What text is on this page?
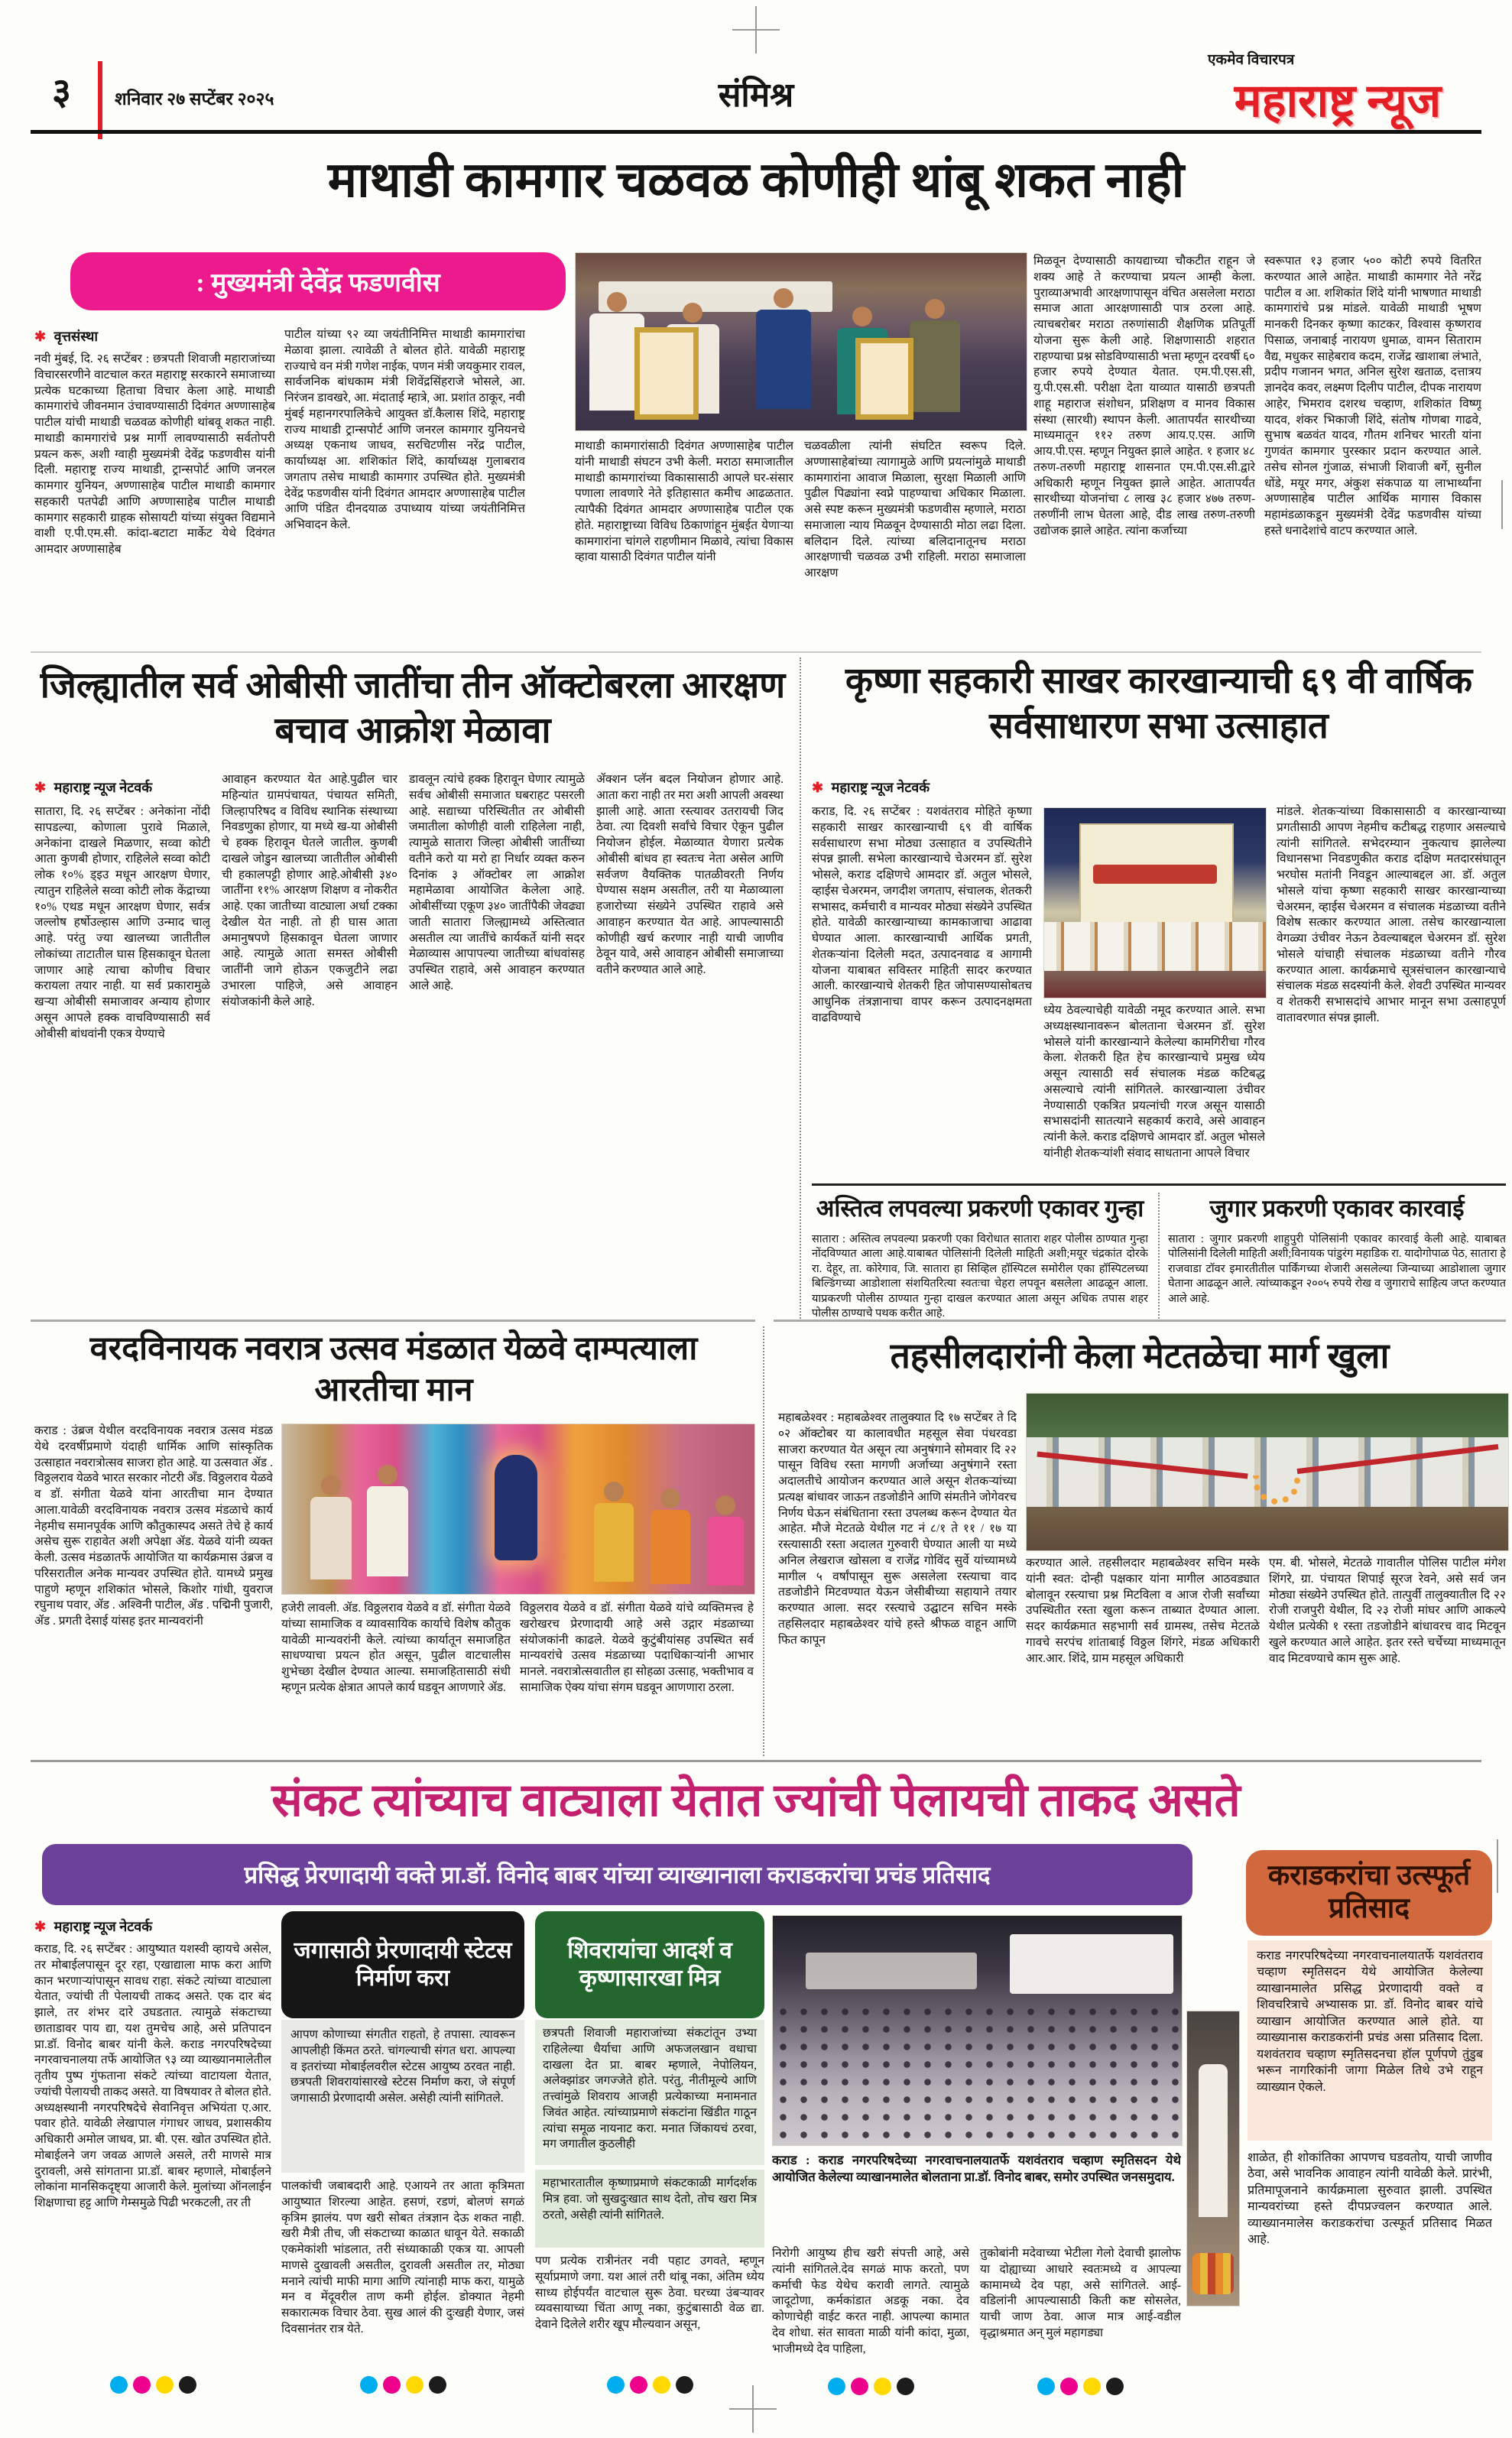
३ शनिवार २७ सप्टेंबर २०२५	संमिश्र
एकमेव विचारपत्र
महाराष्ट्र न्यूज
माथाडी कामगार चळवळ कोणीही थांबू शकत नाही
: मुख्यमंत्री देवेंद्र फडणवीस
✱ वृत्तसंस्था
नवी मुंबई, दि. २६ सप्टेंबर : छत्रपती शिवाजी महाराजांच्या विचारसरणीने वाटचाल करत महाराष्ट्र सरकारने समाजाच्या प्रत्येक घटकाच्या हिताचा विचार केला आहे. माथाडी कामगारांचे जीवनमान उंचावण्यासाठी दिवंगत अण्णासाहेब पाटील यांची माथाडी चळवळ कोणीही थांबवू शकत नाही. माथाडी कामगारांचे प्रश्न मार्गी लावण्यासाठी सर्वतोपरी प्रयत्न करू, अशी ग्वाही मुख्यमंत्री देवेंद्र फडणवीस यांनी दिली. महाराष्ट्र राज्य माथाडी, ट्रान्सपोर्ट आणि जनरल कामगार युनियन, अण्णासाहेब पाटील माथाडी कामगार सहकारी पतपेढी आणि अण्णासाहेब पाटील माथाडी कामगार सहकारी ग्राहक सोसायटी यांच्या संयुक्त विद्यमाने वाशी ए.पी.एम.सी. कांदा-बटाटा मार्केट येथे दिवंगत आमदार अण्णासाहेब
पाटील यांच्या ९२ व्या जयंतीनिमित्त माथाडी कामगारांचा मेळावा झाला. त्यावेळी ते बोलत होते. यावेळी महाराष्ट्र राज्याचे वन मंत्री गणेश नाईक, पणन मंत्री जयकुमार रावल, सार्वजनिक बांधकाम मंत्री शिवेंद्रसिंहराजे भोसले, आ. निरंजन डावखरे, आ. मंदाताई म्हात्रे, आ. प्रशांत ठाकूर, नवी मुंबई महानगरपालिकेचे आयुक्त डॉ.कैलास शिंदे, महाराष्ट्र राज्य माथाडी ट्रान्सपोर्ट आणि जनरल कामगार युनियनचे अध्यक्ष एकनाथ जाधव, सरचिटणीस नरेंद्र पाटील, कार्याध्यक्ष आ. शशिकांत शिंदे, कार्याध्यक्ष गुलाबराव जगताप तसेच माथाडी कामगार उपस्थित होते. मुख्यमंत्री देवेंद्र फडणवीस यांनी दिवंगत आमदार अण्णासाहेब पाटील आणि पंडित दीनदयाळ उपाध्याय यांच्या जयंतीनिमित्त अभिवादन केले.
माथाडी कामगारांसाठी दिवंगत अण्णासाहेब पाटील यांनी माथाडी संघटन उभी केली. मराठा समाजातील माथाडी कामगारांच्या विकासासाठी आपले घर-संसार पणाला लावणारे नेते इतिहासात कमीच आढळतात. त्यापैकी दिवंगत आमदार अण्णासाहेब पाटील एक होते. महाराष्ट्राच्या विविध ठिकाणांहून मुंबईत येणाऱ्या कामगारांना चांगले राहणीमान मिळावे, त्यांचा विकास व्हावा यासाठी दिवंगत पाटील यांनी
चळवळीला त्यांनी संघटित स्वरूप दिले. अण्णासाहेबांच्या त्यागामुळे आणि प्रयत्नांमुळे माथाडी कामगारांना आवाज मिळाला, सुरक्षा मिळाली आणि पुढील पिढ्यांना स्वप्ने पाहण्याचा अधिकार मिळाला. असे स्पष्ट करून मुख्यमंत्री फडणवीस म्हणाले, मराठा समाजाला न्याय मिळवून देण्यासाठी मोठा लढा दिला. बलिदान दिले. त्यांच्या बलिदानातूनच मराठा आरक्षणाची चळवळ उभी राहिली. मराठा समाजाला आरक्षण
मिळवून देण्यासाठी कायद्याच्या चौकटीत राहून जे शक्य आहे ते करण्याचा प्रयत्न आम्ही केला. पुराव्याअभावी आरक्षणापासून वंचित असलेला मराठा समाज आता आरक्षणासाठी पात्र ठरला आहे. त्याचबरोबर मराठा तरुणांसाठी शैक्षणिक प्रतिपूर्ती योजना सुरू केली आहे. शिक्षणासाठी शहरात राहण्याचा प्रश्न सोडविण्यासाठी भत्ता म्हणून दरवर्षी ६० हजार रुपये देण्यात येतात. एम.पी.एस.सी, यु.पी.एस.सी. परीक्षा देता याव्यात यासाठी छत्रपती शाहू महाराज संशोधन, प्रशिक्षण व मानव विकास संस्था (सारथी) स्थापन केली. आतापर्यंत सारथीच्या माध्यमातून ११२ तरुण आय.ए.एस. आणि आय.पी.एस. म्हणून नियुक्त झाले आहेत. १ हजार ४८ तरुण-तरुणी महाराष्ट्र शासनात एम.पी.एस.सी.द्वारे अधिकारी म्हणून नियुक्त झाले आहेत. आतापर्यंत सारथीच्या योजनांचा ८ लाख ३८ हजार ४७७ तरुण-तरुणींनी लाभ घेतला आहे, दीड लाख तरुण-तरुणी उद्योजक झाले आहेत. त्यांना कर्जाच्या
स्वरूपात १३ हजार ५०० कोटी रुपये वितरित करण्यात आले आहेत. माथाडी कामगार नेते नरेंद्र पाटील व आ. शशिकांत शिंदे यांनी भाषणात माथाडी कामगारांचे प्रश्न मांडले. यावेळी माथाडी भूषण मानकरी दिनकर कृष्णा काटकर, विश्वास कृष्णराव पिसाळ, जनाबाई नारायण धुमाळ, वामन सिताराम वैद्य, मधुकर साहेबराव कदम, राजेंद्र खाशाबा लंभाते, प्रदीप गजानन भगत, अनिल सुरेश खताळ, दत्तात्रय ज्ञानदेव कवर, लक्ष्मण दिलीप पाटील, दीपक नारायण आहेर, भिमराव दशरथ चव्हाण, शशिकांत विष्णू यादव, शंकर भिकाजी शिंदे, संतोष गोणबा गाढवे, सुभाष बळवंत यादव, गौतम शनिचर भारती यांना गुणवंत कामगार पुरस्कार प्रदान करण्यात आले. तसेच सोनल गुंजाळ, संभाजी शिवाजी बर्गे, सुनील धोंडे, मयूर मगर, अंकुश संकपाळ या लाभार्थ्यांना अण्णासाहेब पाटील आर्थिक मागास विकास महामंडळाकडून मुख्यमंत्री देवेंद्र फडणवीस यांच्या हस्ते धनादेशांचे वाटप करण्यात आले.
जिल्ह्यातील सर्व ओबीसी जातींचा तीन ऑक्टोबरला आरक्षण बचाव आक्रोश मेळावा
✱ महाराष्ट्र न्यूज नेटवर्क
सातारा, दि. २६ सप्टेंबर : अनेकांना नोंदी सापडल्या, कोणाला पुरावे मिळाले, अनेकांना दाखले मिळणार, सव्वा कोटी आता कुणबी होणार, राहिलेले सव्वा कोटी लोक १०% ड्इउ मधून आरक्षण घेणार, त्यातुन राहिलेले सव्वा कोटी लोक केंद्राच्या १०% एथड मधून आरक्षण घेणार, सर्वत्र जल्लोष हर्षोउल्हास आणि उन्माद चालू आहे. परंतु ज्या खालच्या जातीतील लोकांच्या ताटातील घास हिसकावून घेतला जाणार आहे त्याचा कोणीच विचार करायला तयार नाही. या सर्व प्रकारामुळे खऱ्या ओबीसी समाजावर अन्याय होणार असून आपले हक्क वाचविण्यासाठी सर्व ओबीसी बांधवांनी एकत्र येण्याचे
आवाहन करण्यात येत आहे.पुढील चार महिन्यांत ग्रामपंचायत, पंचायत समिती, जिल्हापरिषद व विविध स्थानिक संस्थाच्या निवडणुका होणार, या मध्ये ख-या ओबीसी चे हक्क हिरावून घेतले जातील. कुणबी दाखले जोडुन खालच्या जातीतील ओबीसी ची हकालपट्टी होणार आहे.ओबीसी ३४० जातींना ११% आरक्षण शिक्षण व नोकरीत आहे. एका जातीच्या वाट्याला अर्धा टक्का देखील येत नाही. तो ही घास आता अमानुषपणे हिसकावून घेतला जाणार आहे. त्यामुळे आता समस्त ओबीसी जातींनी जागे होऊन एकजुटीने लढा उभारला पाहिजे, असे आवाहन संयोजकांनी केले आहे.
डावलून त्यांचे हक्क हिरावून घेणार त्यामुळे सर्वच ओबीसी समाजात घबराहट पसरली आहे. सद्याच्या परिस्थितीत तर ओबीसी जमातीला कोणीही वाली राहिलेला नाही, त्यामुळे सातारा जिल्हा ओबीसी जातींच्या वतीने करो या मरो हा निर्धार व्यक्त करुन दिनांक ३ ऑक्टोबर ला आक्रोश महामेळावा आयोजित केलेला आहे. ओबीसींच्या एकूण ३४० जातींपैकी जेवढ्या जाती सातारा जिल्ह्यामध्ये अस्तित्वात असतील त्या जातींचे कार्यकर्ते यांनी सदर मेळाव्यास आपापल्या जातीच्या बांधवांसह उपस्थित राहावे, असे आवाहन करण्यात आले आहे.
ॲक्शन प्लॅन बदल नियोजन होणार आहे. आता करा नाही तर मरा अशी आपली अवस्था झाली आहे. आता रस्त्यावर उतरायची जिद ठेवा. त्या दिवशी सर्वांचे विचार ऐकून पुढील नियोजन होईल. मेळाव्यात येणारा प्रत्येक ओबीसी बांधव हा स्वतःच नेता असेल आणि सर्वजण वैयक्तिक पातळीवरती निर्णय घेण्यास सक्षम असतील, तरी या मेळाव्याला हजारोच्या संख्येने उपस्थित राहावे असे आवाहन करण्यात येत आहे. आपल्यासाठी कोणीही खर्च करणार नाही याची जाणीव ठेवून यावे, असे आवाहन ओबीसी समाजाच्या वतीने करण्यात आले आहे.
कृष्णा सहकारी साखर कारखान्याची ६९ वी वार्षिक सर्वसाधारण सभा उत्साहात
✱ महाराष्ट्र न्यूज नेटवर्क
कराड, दि. २६ सप्टेंबर : यशवंतराव मोहिते कृष्णा सहकारी साखर कारखान्याची ६९ वी वार्षिक सर्वसाधारण सभा मोठ्या उत्साहात व उपस्थितीने संपन्न झाली. सभेला कारखान्याचे चेअरमन डॉ. सुरेश भोसले, कराड दक्षिणचे आमदार डॉ. अतुल भोसले, व्हाईस चेअरमन, जगदीश जगताप, संचालक, शेतकरी सभासद, कर्मचारी व मान्यवर मोठ्या संख्येने उपस्थित होते. यावेळी कारखान्याच्या कामकाजाचा आढावा घेण्यात आला. कारखान्याची आर्थिक प्रगती, शेतकऱ्यांना दिलेली मदत, उत्पादनवाढ व आगामी योजना याबाबत सविस्तर माहिती सादर करण्यात आली. कारखान्याचे शेतकरी हित जोपासण्यासोबतच आधुनिक तंत्रज्ञानाचा वापर करून उत्पादनक्षमता वाढविण्याचे
ध्येय ठेवल्याचेही यावेळी नमूद करण्यात आले. सभा अध्यक्षस्थानावरून बोलताना चेअरमन डॉ. सुरेश भोसले यांनी कारखान्याने केलेल्या कामगिरीचा गौरव केला. शेतकरी हित हेच कारखान्याचे प्रमुख ध्येय असून त्यासाठी सर्व संचालक मंडळ कटिबद्ध असल्याचे त्यांनी सांगितले. कारखान्याला उंचीवर नेण्यासाठी एकत्रित प्रयत्नांची गरज असून यासाठी सभासदांनी सातत्याने सहकार्य करावे, असे आवाहन त्यांनी केले. कराड दक्षिणचे आमदार डॉ. अतुल भोसले यांनीही शेतकऱ्यांशी संवाद साधताना आपले विचार
मांडले. शेतकऱ्यांच्या विकासासाठी व कारखान्याच्या प्रगतीसाठी आपण नेहमीच कटीबद्ध राहणार असल्याचे त्यांनी सांगितले. सभेदरम्यान नुकत्याच झालेल्या विधानसभा निवडणुकीत कराड दक्षिण मतदारसंघातून भरघोस मतांनी निवडून आल्याबद्दल आ. डॉ. अतुल भोसले यांचा कृष्णा सहकारी साखर कारखान्याच्या चेअरमन, व्हाईस चेअरमन व संचालक मंडळाच्या वतीने विशेष सत्कार करण्यात आला. तसेच कारखान्याला वेगळ्या उंचीवर नेऊन ठेवल्याबद्दल चेअरमन डॉ. सुरेश भोसले यांचाही संचालक मंडळाच्या वतीने गौरव करण्यात आला. कार्यक्रमाचे सूत्रसंचालन कारखान्याचे संचालक मंडळ सदस्यांनी केले. शेवटी उपस्थित मान्यवर व शेतकरी सभासदांचे आभार मानून सभा उत्साहपूर्ण वातावरणात संपन्न झाली.
अस्तित्व लपवल्या प्रकरणी एकावर गुन्हा
सातारा : अस्तित्व लपवल्या प्रकरणी एका विरोधात सातारा शहर पोलीस ठाण्यात गुन्हा नोंदविण्यात आला आहे.याबाबत पोलिसांनी दिलेली माहिती अशी;मयूर चंद्रकांत दोरके रा. देहूर, ता. कोरेगाव, जि. सातारा हा सिव्हिल हॉस्पिटल समोरील एका हॉस्पिटलच्या बिल्डिंगच्या आडोशाला संशयितरित्या स्वतःचा चेहरा लपवून बसलेला आढळून आला. याप्रकरणी पोलीस ठाण्यात गुन्हा दाखल करण्यात आला असून अधिक तपास शहर पोलीस ठाण्याचे पथक करीत आहे.
जुगार प्रकरणी एकावर कारवाई
सातारा : जुगार प्रकरणी शाहुपुरी पोलिसांनी एकावर कारवाई केली आहे. याबाबत पोलिसांनी दिलेली माहिती अशी;विनायक पांडुरंग महाडिक रा. यादोगोपाळ पेठ, सातारा हे राजवाडा टॉवर इमारतीतील पार्किंगच्या शेजारी असलेल्या जिन्याच्या आडोशाला जुगार घेताना आढळून आले. त्यांच्याकडून २००५ रुपये रोख व जुगाराचे साहित्य जप्त करण्यात आले आहे.
वरदविनायक नवरात्र उत्सव मंडळात येळवे दाम्पत्याला आरतीचा मान
कराड : उंब्रज येथील वरदविनायक नवरात्र उत्सव मंडळ येथे दरवर्षीप्रमाणे यंदाही धार्मिक आणि सांस्कृतिक उत्साहात नवरात्रोत्सव साजरा होत आहे. या उत्सवात ॲड . विठ्ठलराव येळवे भारत सरकार नोटरी अँड. विठ्ठलराव येळवे व डॉ. संगीता येळवे यांना आरतीचा मान देण्यात आला.यावेळी वरदविनायक नवरात्र उत्सव मंडळाचे कार्य नेहमीच समानपूर्वक आणि कौतुकास्पद असते तेचे हे कार्य असेच सुरू राहावेत अशी अपेक्षा ॲड. येळवे यांनी व्यक्त केली. उत्सव मंडळातर्फे आयोजित या कार्यक्रमास उंब्रज व परिसरातील अनेक मान्यवर उपस्थित होते. यामध्ये प्रमुख पाहुणे म्हणून शशिकांत भोसले, किशोर गांधी, युवराज रघुनाथ पवार, ॲड . अश्विनी पाटील, ॲड . पद्मिनी पुजारी, ॲड . प्रगती देसाई यांसह इतर मान्यवरांनी
हजेरी लावली. ॲड. विठ्ठलराव येळवे व डॉ. संगीता येळवे यांच्या सामाजिक व व्यावसायिक कार्याचे विशेष कौतुक यावेळी मान्यवरांनी केले. त्यांच्या कार्यातून समाजहित साधण्याचा प्रयत्न होत असून, पुढील वाटचालीस शुभेच्छा देखील देण्यात आल्या. समाजहितासाठी संधी म्हणून प्रत्येक क्षेत्रात आपले कार्य घडवून आणणारे ॲड.
विठ्ठलराव येळवे व डॉ. संगीता येळवे यांचे व्यक्तिमत्त्व हे खरोखरच प्रेरणादायी आहे असे उद्गार मंडळाच्या संयोजकांनी काढले. येळवे कुटुंबीयांसह उपस्थित सर्व मान्यवरांचे उत्सव मंडळाच्या पदाधिकाऱ्यांनी आभार मानले. नवरात्रोत्सवातील हा सोहळा उत्साह, भक्तीभाव व सामाजिक ऐक्य यांचा संगम घडवून आणणारा ठरला.
तहसीलदारांनी केला मेटतळेचा मार्ग खुला
महाबळेश्वर : महाबळेश्वर तालुक्यात दि १७ सप्टेंबर ते दि ०२ ऑक्टोबर या कालावधीत महसूल सेवा पंधरवडा साजरा करण्यात येत असून त्या अनुषंगाने सोमवार दि २२ पासून विविध रस्ता मागणी अर्जाच्या अनुषंगाने रस्ता अदालतीचे आयोजन करण्यात आले असून शेतकऱ्यांच्या प्रत्यक्ष बांधावर जाऊन तडजोडीने आणि संमतीने जोगेवरच निर्णय घेऊन संबंधिताना रस्ता उपलब्ध करून देण्यात येत आहेत. मौजे मेटतळे येथील गट नं ८/१ ते ११ / १७ या रस्त्यासाठी रस्ता अदालत गुरुवारी घेण्यात आली या मध्ये अनिल लेखराज खोसला व राजेंद्र गोविंद सुर्वे यांच्यामध्ये मागील ५ वर्षांपासून सुरू असलेला रस्त्याचा वाद तडजोडीने मिटवण्यात येऊन जेसीबीच्या सहायाने तयार करण्यात आला. सदर रस्त्याचे उद्घाटन सचिन मस्के तहसिलदार महाबळेश्वर यांचे हस्ते श्रीफळ वाहून आणि फित कापून
करण्यात आले. तहसीलदार महाबळेश्वर सचिन मस्के यांनी स्वत: दोन्ही पक्षकार यांना मागील आठवड्यात बोलावून रस्त्याचा प्रश्न मिटविला व आज रोजी सर्वांच्या उपस्थितीत रस्ता खुला करून ताब्यात देण्यात आला. सदर कार्यक्रमात सहभागी सर्व ग्रामस्थ, तसेच मेटतळे गावचे सरपंच शांताबाई विठ्ठल शिंगरे, मंडळ अधिकारी आर.आर. शिंदे, ग्राम महसूल अधिकारी
एम. बी. भोसले, मेटतळे गावातील पोलिस पाटील मंगेश शिंगरे, ग्रा. पंचायत शिपाई सूरज रेवने, असे सर्व जन मोठ्या संख्येने उपस्थित होते. तात्पुर्वी तालुक्यातील दि २२ रोजी राजपुरी येथील, दि २३ रोजी मांघर आणि आकल्पे येथील प्रत्येकी १ रस्ता तडजोडीने बांधावरच वाद मिटवून खुले करण्यात आले आहेत. इतर रस्ते चर्चेच्या माध्यमातून वाद मिटवण्याचे काम सुरू आहे.
संकट त्यांच्याच वाट्याला येतात ज्यांची पेलायची ताकद असते
प्रसिद्ध प्रेरणादायी वक्ते प्रा.डॉ. विनोद बाबर यांच्या व्याख्यानाला कराडकरांचा प्रचंड प्रतिसाद	कराडकरांचा उत्स्फूर्त प्रतिसाद
✱ महाराष्ट्र न्यूज नेटवर्क
कराड, दि. २६ सप्टेंबर : आयुष्यात यशस्वी व्हायचे असेल, तर मोबाईलपासून दूर रहा, एखाद्याला माफ करा आणि कान भरणाऱ्यांपासून सावध राहा. संकटे त्यांच्या वाट्याला येतात, ज्यांची ती पेलायची ताकद असते. एक दार बंद झाले, तर शंभर दारे उघडतात. त्यामुळे संकटाच्या छाताडावर पाय द्या, यश तुमचेच आहे, असे प्रतिपादन प्रा.डॉ. विनोद बाबर यांनी केले. कराड नगरपरिषदेच्या नगरवाचनालया तर्फे आयोजित ९३ व्या व्याख्यानमालेतील तृतीय पुष्प गुंफताना संकटे त्यांच्या वाटायला येतात, ज्यांची पेलायची ताकद असते. या विषयावर ते बोलत होते. अध्यक्षस्थानी नगरपरिषदेचे सेवानिवृत्त अभियंता ए.आर. पवार होते. यावेळी लेखापाल गंगाधर जाधव, प्रशासकीय अधिकारी अमोल जाधव, प्रा. बी. एस. खोत उपस्थित होते. मोबाईलने जग जवळ आणले असले, तरी माणसे मात्र दुरावली, असे सांगताना प्रा.डॉ. बाबर म्हणाले, मोबाईलने लोकांना मानसिकदृष्ट्या आजारी केले. मुलांच्या ऑनलाईन शिक्षणाचा हट्ट आणि गेम्समुळे पिढी भरकटली, तर ती
जगासाठी प्रेरणादायी स्टेटस निर्माण करा
आपण कोणाच्या संगतीत राहतो, हे तपासा. त्यावरून आपलीही किंमत ठरते. चांगल्याची संगत धरा. आपल्या व इतरांच्या मोबाईलवरील स्टेटस आयुष्य ठरवत नाही. छत्रपती शिवरायांसारखे स्टेटस निर्माण करा, जे संपूर्ण जगासाठी प्रेरणादायी असेल. असेही त्यांनी सांगितले.
पालकांची जबाबदारी आहे. एआयने तर आता कृत्रिमता आयुष्यात शिरल्या आहेत. हसणं, रडणं, बोलणं सगळं कृत्रिम झालंय. पण खरी सोबत तंत्रज्ञान देऊ शकत नाही. खरी मैत्री तीच, जी संकटाच्या काळात धावून येते. सकाळी एकमेकांशी भांडलात, तरी संध्याकाळी एकत्र या. आपली माणसे दुखावली असतील, दुरावली असतील तर, मोठ्या मनाने त्यांची माफी मागा आणि त्यांनाही माफ करा, यामुळे मन व मेंदूवरील ताण कमी होईल. डोक्यात नेहमी सकारात्मक विचार ठेवा. सुख आलं की दुःखही येणार, जसं दिवसानंतर रात्र येते.
शिवरायांचा आदर्श व कृष्णासारखा मित्र
छत्रपती शिवाजी महाराजांच्या संकटांतून उभ्या राहिलेल्या धैर्याचा आणि अफजलखान वधाचा दाखला देत प्रा. बाबर म्हणाले, नेपोलियन, अलेक्झांडर जगज्जेते होते. परंतु, नीतीमूल्ये आणि तत्त्वांमुळे शिवराय आजही प्रत्येकाच्या मनामनात जिवंत आहेत. त्यांच्याप्रमाणे संकटांना खिंडीत गाठून त्यांचा समूळ नायनाट करा. मनात जिंकायचं ठरवा, मग जगातील कुठलीही
महाभारतातील कृष्णाप्रमाणे संकटकाळी मार्गदर्शक मित्र हवा. जो सुखदुःखात साथ देतो, तोच खरा मित्र ठरतो, असेही त्यांनी सांगितले.
पण प्रत्येक रात्रीनंतर नवी पहाट उगवते, म्हणून सूर्याप्रमाणे जगा. यश आलं तरी थांबू नका, अंतिम ध्येय साध्य होईपर्यंत वाटचाल सुरू ठेवा. घरच्या उंबऱ्यावर व्यवसायाच्या चिंता आणू नका, कुटुंबासाठी वेळ द्या. देवाने दिलेले शरीर खूप मौल्यवान असून,
कराड : कराड नगरपरिषदेच्या नगरवाचनालयातर्फे यशवंतराव चव्हाण स्मृतिसदन येथे आयोजित केलेल्या व्याखानमालेत बोलताना प्रा.डॉ. विनोद बाबर, समोर उपस्थित जनसमुदाय.
निरोगी आयुष्य हीच खरी संपत्ती आहे, असे त्यांनी सांगितले.देव सगळं माफ करतो, पण कर्माची फेड येथेच करावी लागते. त्यामुळे जादूटोणा, कर्मकांडात अडकू नका. देव कोणाचेही वाईट करत नाही. आपल्या कामात देव शोधा. संत सावता माळी यांनी कांदा, मुळा, भाजीमध्ये देव पाहिला,
तुकोबांनी मदेवाच्या भेटीला गेलो देवाची झालोफ या दोह्याच्या आधारे स्वतःमध्ये व आपल्या कामामध्ये देव पहा, असे सांगितले. आई-वडिलांनी आपल्यासाठी किती कष्ट सोसलेत, याची जाण ठेवा. आज मात्र आई-वडील वृद्धाश्रमात अन् मुलं महागड्या
कराड नगरपरिषदेच्या नगरवाचनालयातर्फे यशवंतराव चव्हाण स्मृतिसदन येथे आयोजित केलेल्या व्याखानमालेत प्रसिद्ध प्रेरणादायी वक्ते व शिवचरित्राचे अभ्यासक प्रा. डॉ. विनोद बाबर यांचे व्याखान आयोजित करण्यात आले होते. या व्याख्यानास कराडकरांनी प्रचंड असा प्रतिसाद दिला. यशवंतराव चव्हाण स्मृतिसदनचा हॉल पूर्णपणे तुंडुब भरून नागरिकांनी जागा मिळेल तिथे उभे राहून व्याख्यान ऐकले.
शाळेत, ही शोकांतिका आपणच घडवतोय, याची जाणीव ठेवा, असे भावनिक आवाहन त्यांनी यावेळी केले. प्रारंभी, प्रतिमापूजनाने कार्यक्रमाला सुरुवात झाली. उपस्थित मान्यवरांच्या हस्ते दीपप्रज्वलन करण्यात आले. व्याख्यानमालेस कराडकरांचा उत्स्फूर्त प्रतिसाद मिळत आहे.
